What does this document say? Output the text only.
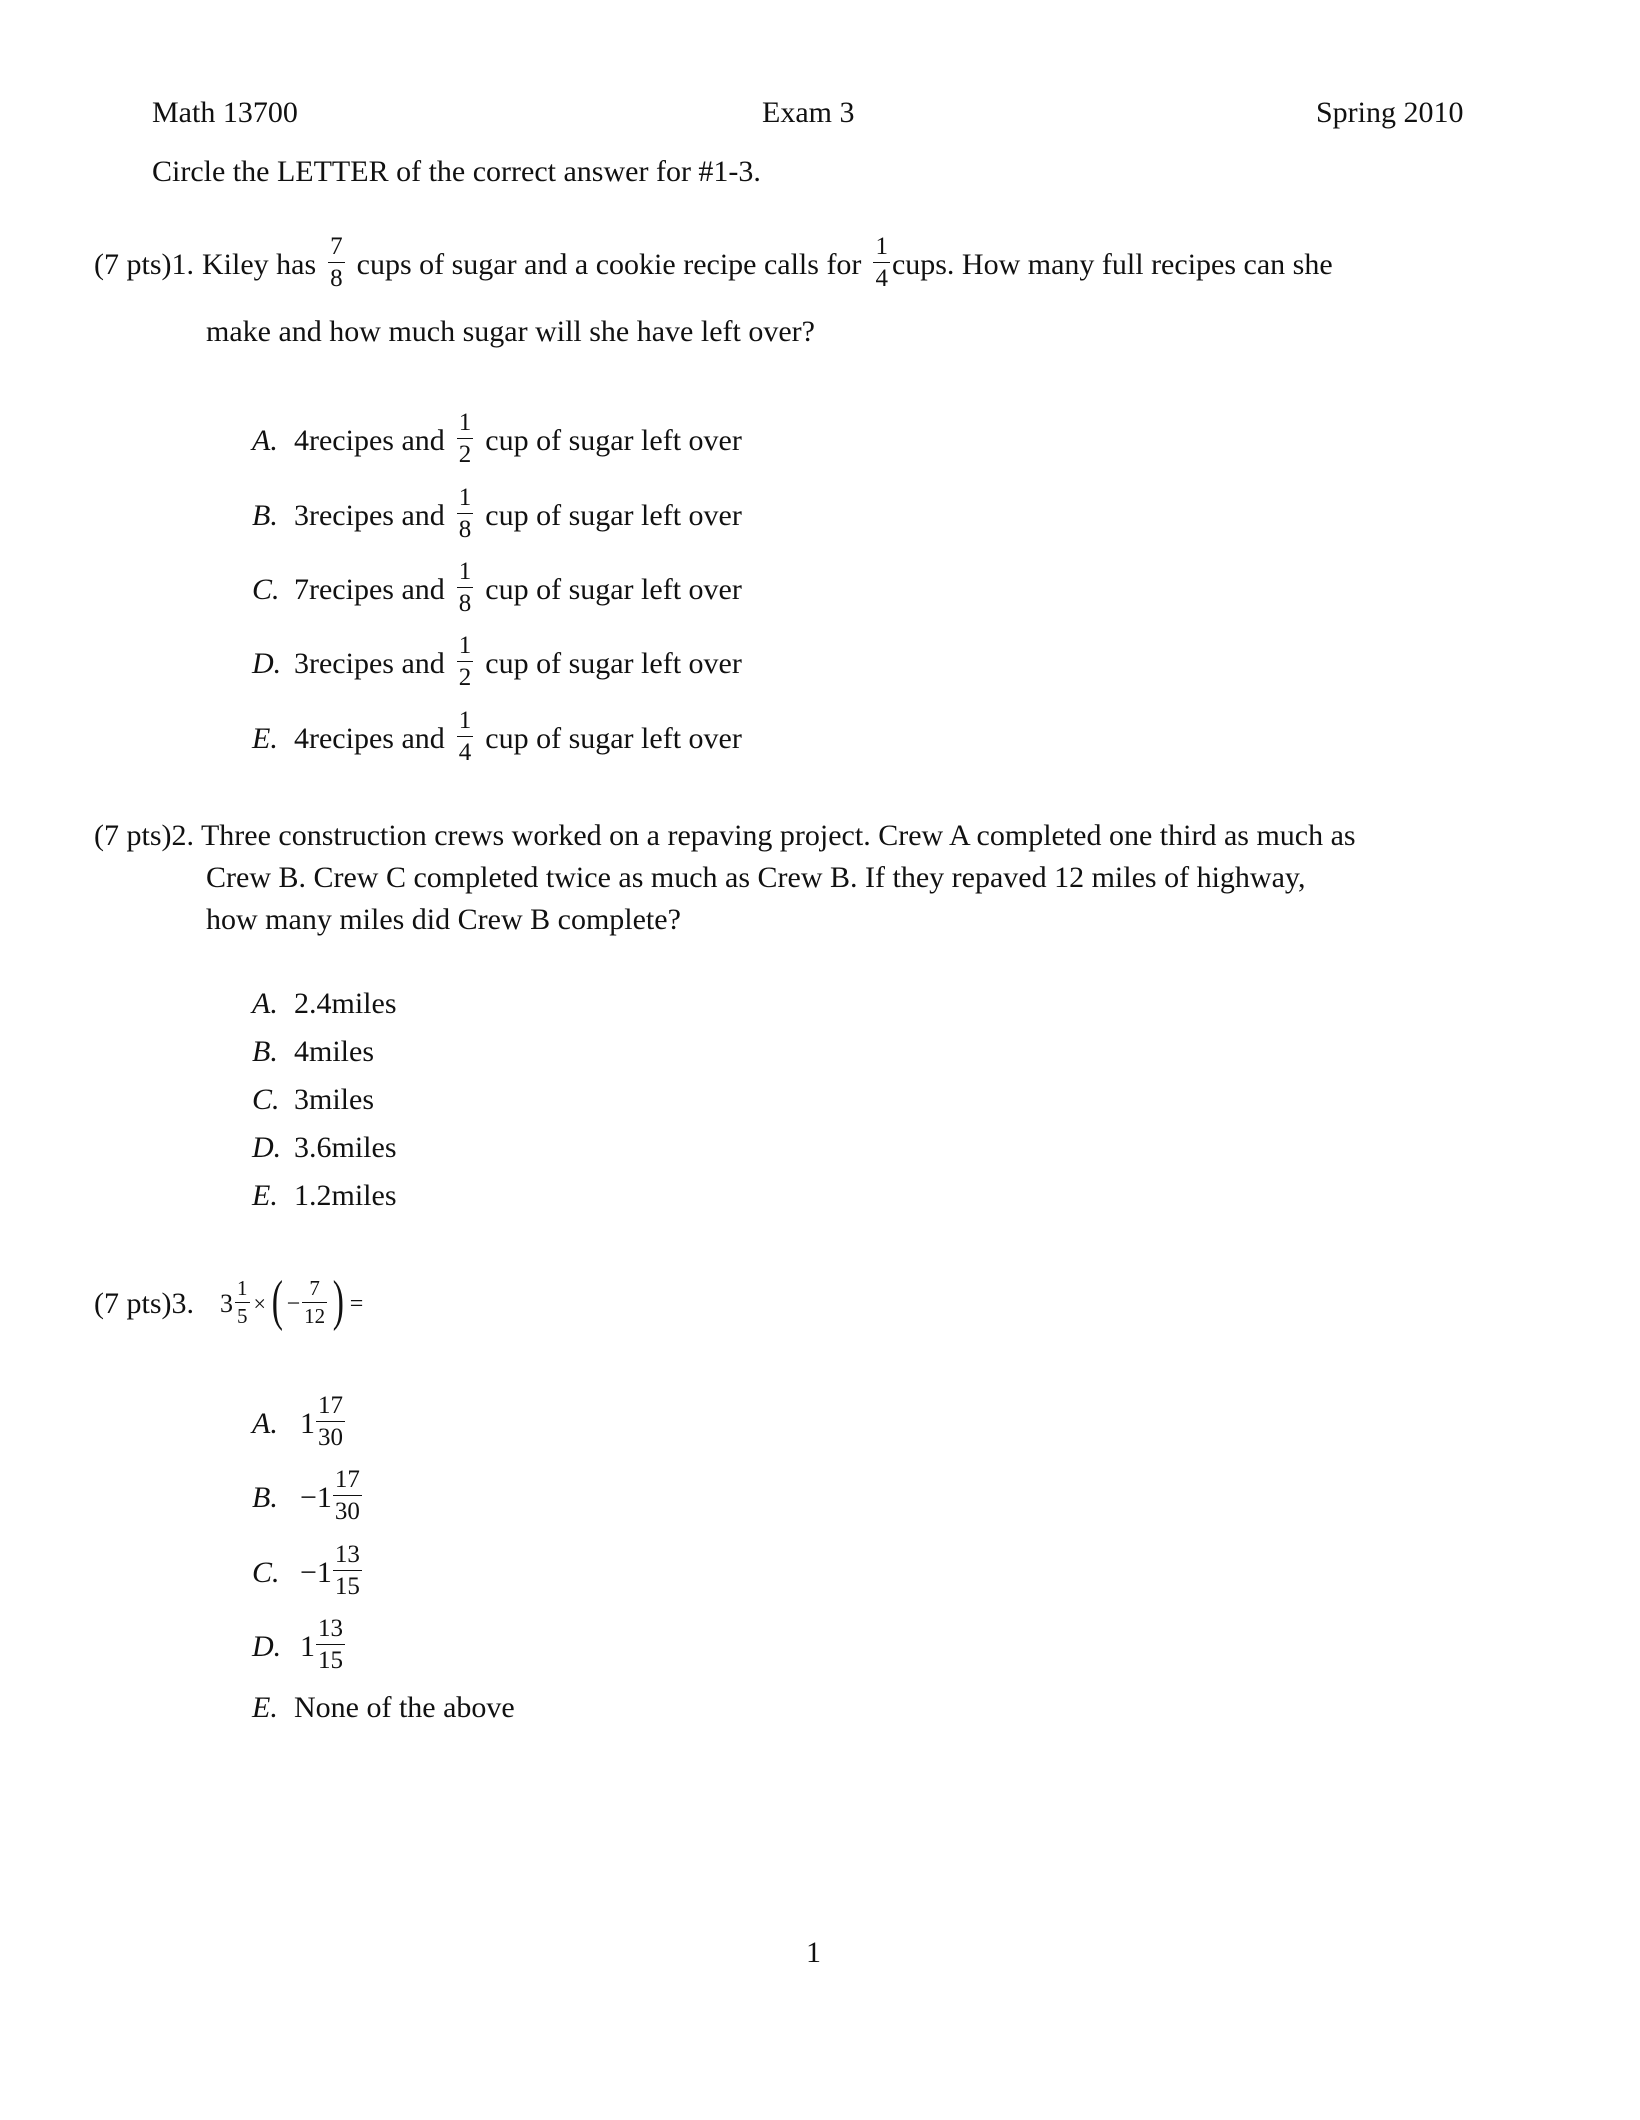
Math 13700	Exam 3	Spring 2010
Circle the LETTER of the correct answer for #1-3.
(7 pts)1. Kiley has $\frac{7}{8}$ cups of sugar and a cookie recipe calls for $\frac{1}{4}$ cups. How many full recipes can she
make and how much sugar will she have left over?
A. 4 recipes and $\frac{1}{2}$ cup of sugar left over
B. 3 recipes and $\frac{1}{8}$ cup of sugar left over
C. 7 recipes and $\frac{1}{8}$ cup of sugar left over
D. 3 recipes and $\frac{1}{2}$ cup of sugar left over
E. 4 recipes and $\frac{1}{4}$ cup of sugar left over
(7 pts)2. Three construction crews worked on a repaving project. Crew A completed one third as much as
Crew B. Crew C completed twice as much as Crew B. If they repaved 12 miles of highway,
how many miles did Crew B complete?
A. 2.4 miles
B. 4 miles
C. 3 miles
D. 3.6 miles
E. 1.2 miles
(7 pts)3. $3 \frac{1}{5}$ × ( − $\frac{7}{12}$ ) =
A. $1 \frac{17}{30}$
B. − $1 \frac{17}{30}$
C. − $1 \frac{13}{15}$
D. $1 \frac{13}{15}$
E. None of the above
1
